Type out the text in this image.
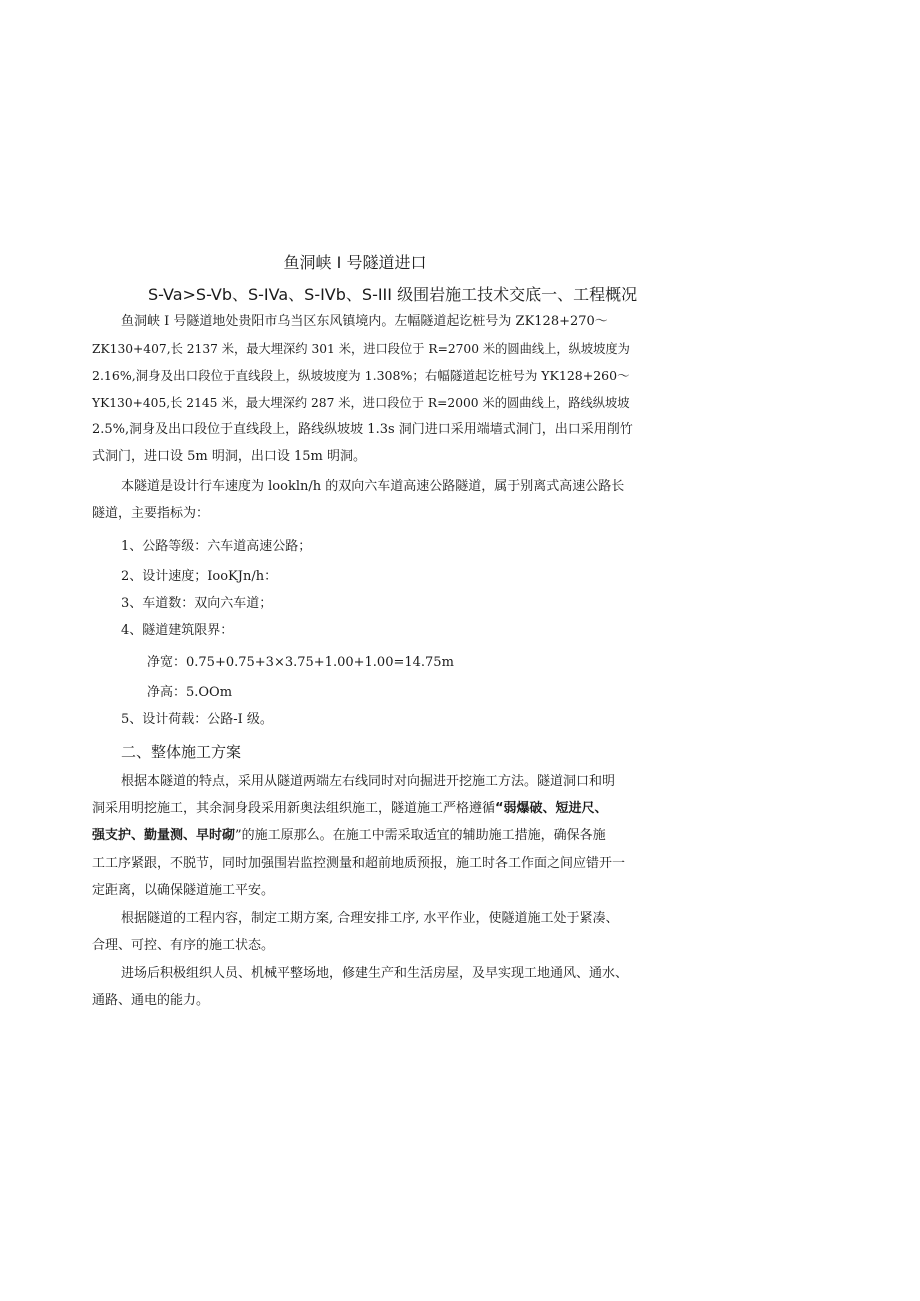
鱼洞峡 I 号隧道进口
S-Va>S-Vb、S-IVa、S-IVb、S-III 级围岩施工技术交底一、工程概况
鱼洞峡 I 号隧道地处贵阳市乌当区东风镇境内。左幅隧道起讫桩号为 ZK128+270～
ZK130+407,长 2137 米，最大埋深约 301 米，进口段位于 R=2700 米的圆曲线上，纵坡坡度为
2.16%,洞身及出口段位于直线段上，纵坡坡度为 1.308%；右幅隧道起讫桩号为 YK128+260～
YK130+405,长 2145 米，最大埋深约 287 米，进口段位于 R=2000 米的圆曲线上，路线纵坡坡
2.5%,洞身及出口段位于直线段上，路线纵坡坡 1.3s 洞门进口采用端墙式洞门，出口采用削竹
式洞门，进口设 5m 明洞，出口设 15m 明洞。
本隧道是设计行车速度为 lookln/h 的双向六车道高速公路隧道，属于别离式高速公路长
隧道，主要指标为：
1、公路等级：六车道高速公路；
2、设计速度；IooKJn/h：
3、车道数：双向六车道；
4、隧道建筑限界：
净宽：0.75+0.75+3×3.75+1.00+1.00=14.75m
净高：5.OOm
5、设计荷载：公路-I 级。
二、整体施工方案
根据本隧道的特点，采用从隧道两端左右线同时对向掘进开挖施工方法。隧道洞口和明
洞采用明挖施工，其余洞身段采用新奥法组织施工，隧道施工严格遵循“弱爆破、短进尺、
强支护、勤量测、早时砌”的施工原那么。在施工中需采取适宜的辅助施工措施，确保各施
工工序紧跟，不脱节，同时加强围岩监控测量和超前地质预报，施工时各工作面之间应错开一
定距离，以确保隧道施工平安。
根据隧道的工程内容，制定工期方案, 合理安排工序, 水平作业，使隧道施工处于紧凑、
合理、可控、有序的施工状态。
进场后积极组织人员、机械平整场地，修建生产和生活房屋，及早实现工地通风、通水、
通路、通电的能力。
